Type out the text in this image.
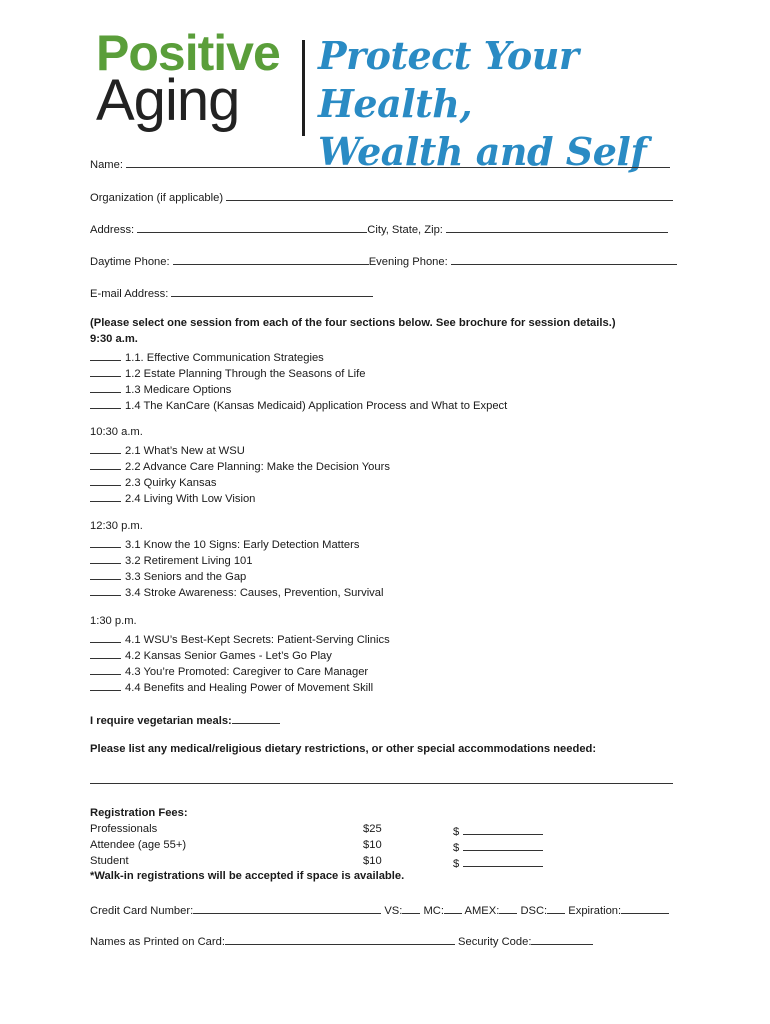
Positive
Aging
Protect Your Health,
Wealth and Self
Name:
Organization (if applicable)
Address:	City, State, Zip:
Daytime Phone:	Evening Phone:
E-mail Address:
(Please select one session from each of the four sections below. See brochure for session details.)
9:30 a.m.
1.1. Effective Communication Strategies
1.2 Estate Planning Through the Seasons of Life
1.3 Medicare Options
1.4 The KanCare (Kansas Medicaid) Application Process and What to Expect
10:30 a.m.
2.1 What’s New at WSU
2.2 Advance Care Planning: Make the Decision Yours
2.3 Quirky Kansas
2.4 Living With Low Vision
12:30 p.m.
3.1 Know the 10 Signs: Early Detection Matters
3.2 Retirement Living 101
3.3 Seniors and the Gap
3.4 Stroke Awareness: Causes, Prevention, Survival
1:30 p.m.
4.1 WSU’s Best-Kept Secrets: Patient-Serving Clinics
4.2 Kansas Senior Games - Let’s Go Play
4.3 You’re Promoted: Caregiver to Care Manager
4.4 Benefits and Healing Power of Movement Skill
I require vegetarian meals:
Please list any medical/religious dietary restrictions, or other special accommodations needed:
Registration Fees:
Professionals	$25	$
Attendee (age 55+)	$10	$
Student	$10	$
*Walk-in registrations will be accepted if space is available.
Credit Card Number:	VS: MC: AMEX: DSC: Expiration:
Names as Printed on Card:	Security Code:
